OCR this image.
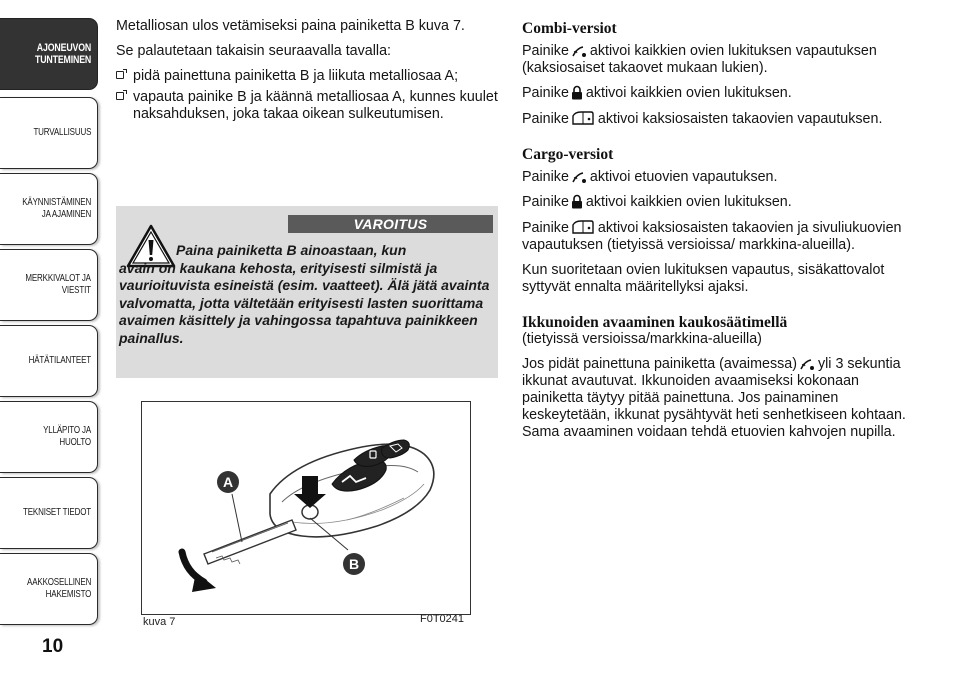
AJONEUVON
TUNTEMINEN
TURVALLISUUS
KÄYNNISTÄMINEN
JA AJAMINEN
MERKKIVALOT JA
VIESTIT
HÄTÄTILANTEET
YLLÄPITO JA HUOLTO
TEKNISET TIEDOT
AAKKOSELLINEN
HAKEMISTO
10

Metalliosan ulos vetämiseksi paina painiketta B kuva 7.

Se palautetaan takaisin seuraavalla tavalla:

pidä painettuna painiketta B ja liikuta metalliosaa A;
vapauta painike B ja käännä metalliosaa A, kunnes kuulet naksahduksen, joka takaa oikean sulkeutumisen.
VAROITUS
Paina painiketta B ainoastaan, kun
avain on kaukana kehosta, erityisesti silmistä ja vaurioituvista esineistä (esim. vaatteet). Älä jätä avainta valvomatta, jotta vältetään erityisesti lasten suorittama avaimen käsittely ja vahingossa tapahtuva painikkeen painallus.
A
B
kuva 7	F0T0241
Combi-versiot

Painike aktivoi kaikkien ovien lukituksen vapautuksen (kaksiosaiset takaovet mukaan lukien).

Painike aktivoi kaikkien ovien lukituksen.

Painike aktivoi kaksiosaisten takaovien vapautuksen.

Cargo-versiot

Painike aktivoi etuovien vapautuksen.

Painike aktivoi kaikkien ovien lukituksen.

Painike aktivoi kaksiosaisten takaovien ja sivuliukuovien vapautuksen (tietyissä versioissa/ markkina-alueilla).

Kun suoritetaan ovien lukituksen vapautus, sisäkattovalot syttyvät ennalta määritellyksi ajaksi.

Ikkunoiden avaaminen kaukosäätimellä

(tietyissä versioissa/markkina-alueilla)

Jos pidät painettuna painiketta (avaimessa) yli 3 sekuntia ikkunat avautuvat. Ikkunoiden avaamiseksi kokonaan painiketta täytyy pitää painettuna. Jos painaminen keskeytetään, ikkunat pysähtyvät heti senhetkiseen kohtaan. Sama avaaminen voidaan tehdä etuovien kahvojen nupilla.
